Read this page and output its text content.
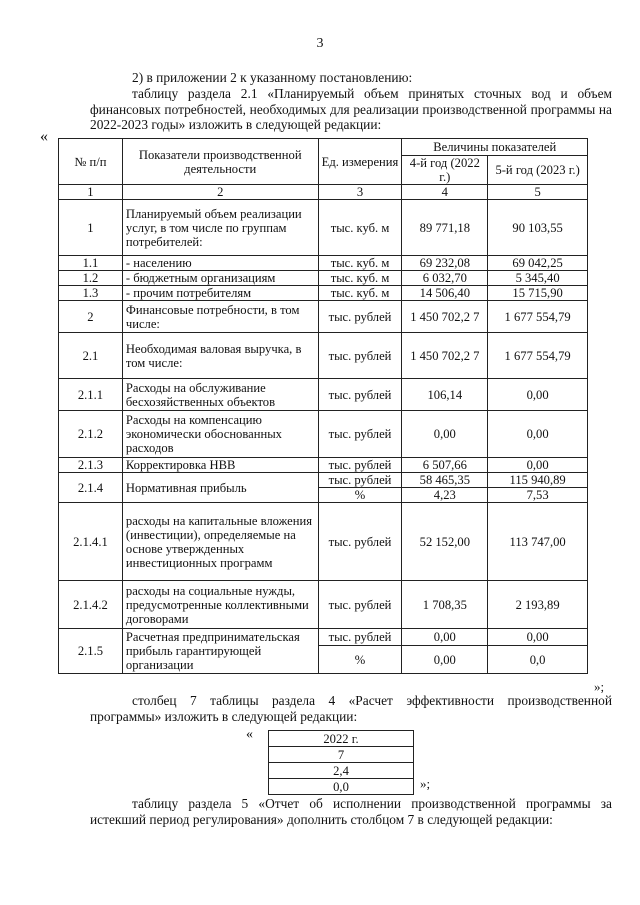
3
2) в приложении 2 к указанному постановлению:
таблицу раздела 2.1 «Планируемый объем принятых сточных вод и объем финансовых потребностей, необходимых для реализации производственной программы на 2022-2023 годы» изложить в следующей редакции:
«
№ п/п	Показатели производственной деятельности	Ед. измерения	Величины показателей	
			4-й год (2022 г.)	5-й год (2023 г.)
1	2	3	4	5
1	Планируемый объем реализации услуг, в том числе по группам потребителей:	тыс. куб. м	89 771,18	90 103,55
1.1	- населению	тыс. куб. м	69 232,08	69 042,25
1.2	- бюджетным организациям	тыс. куб. м	6 032,70	5 345,40
1.3	- прочим потребителям	тыс. куб. м	14 506,40	15 715,90
2	Финансовые потребности, в том числе:	тыс. рублей	1 450 702,2 7	1 677 554,79
2.1	Необходимая валовая выручка, в том числе:	тыс. рублей	1 450 702,2 7	1 677 554,79
2.1.1	Расходы на обслуживание бесхозяйственных объектов	тыс. рублей	106,14	0,00
2.1.2	Расходы на компенсацию экономически обоснованных расходов	тыс. рублей	0,00	0,00
2.1.3	Корректировка НВВ	тыс. рублей	6 507,66	0,00
2.1.4	Нормативная прибыль	тыс. рублей	58 465,35	115 940,89
		%	4,23	7,53
2.1.4.1	расходы на капитальные вложения (инвестиции), определяемые на основе утвержденных инвестиционных программ	тыс. рублей	52 152,00	113 747,00
2.1.4.2	расходы на социальные нужды, предусмотренные коллективными договорами	тыс. рублей	1 708,35	2 193,89
2.1.5	Расчетная предпринимательская прибыль гарантирующей организации	тыс. рублей	0,00	0,00
		%	0,00	0,0
»;
столбец 7 таблицы раздела 4 «Расчет эффективности производственной программы» изложить в следующей редакции:
«	2022 г.
7
2,4
0,0	»;
таблицу раздела 5 «Отчет об исполнении производственной программы за истекший период регулирования» дополнить столбцом 7 в следующей редакции:
